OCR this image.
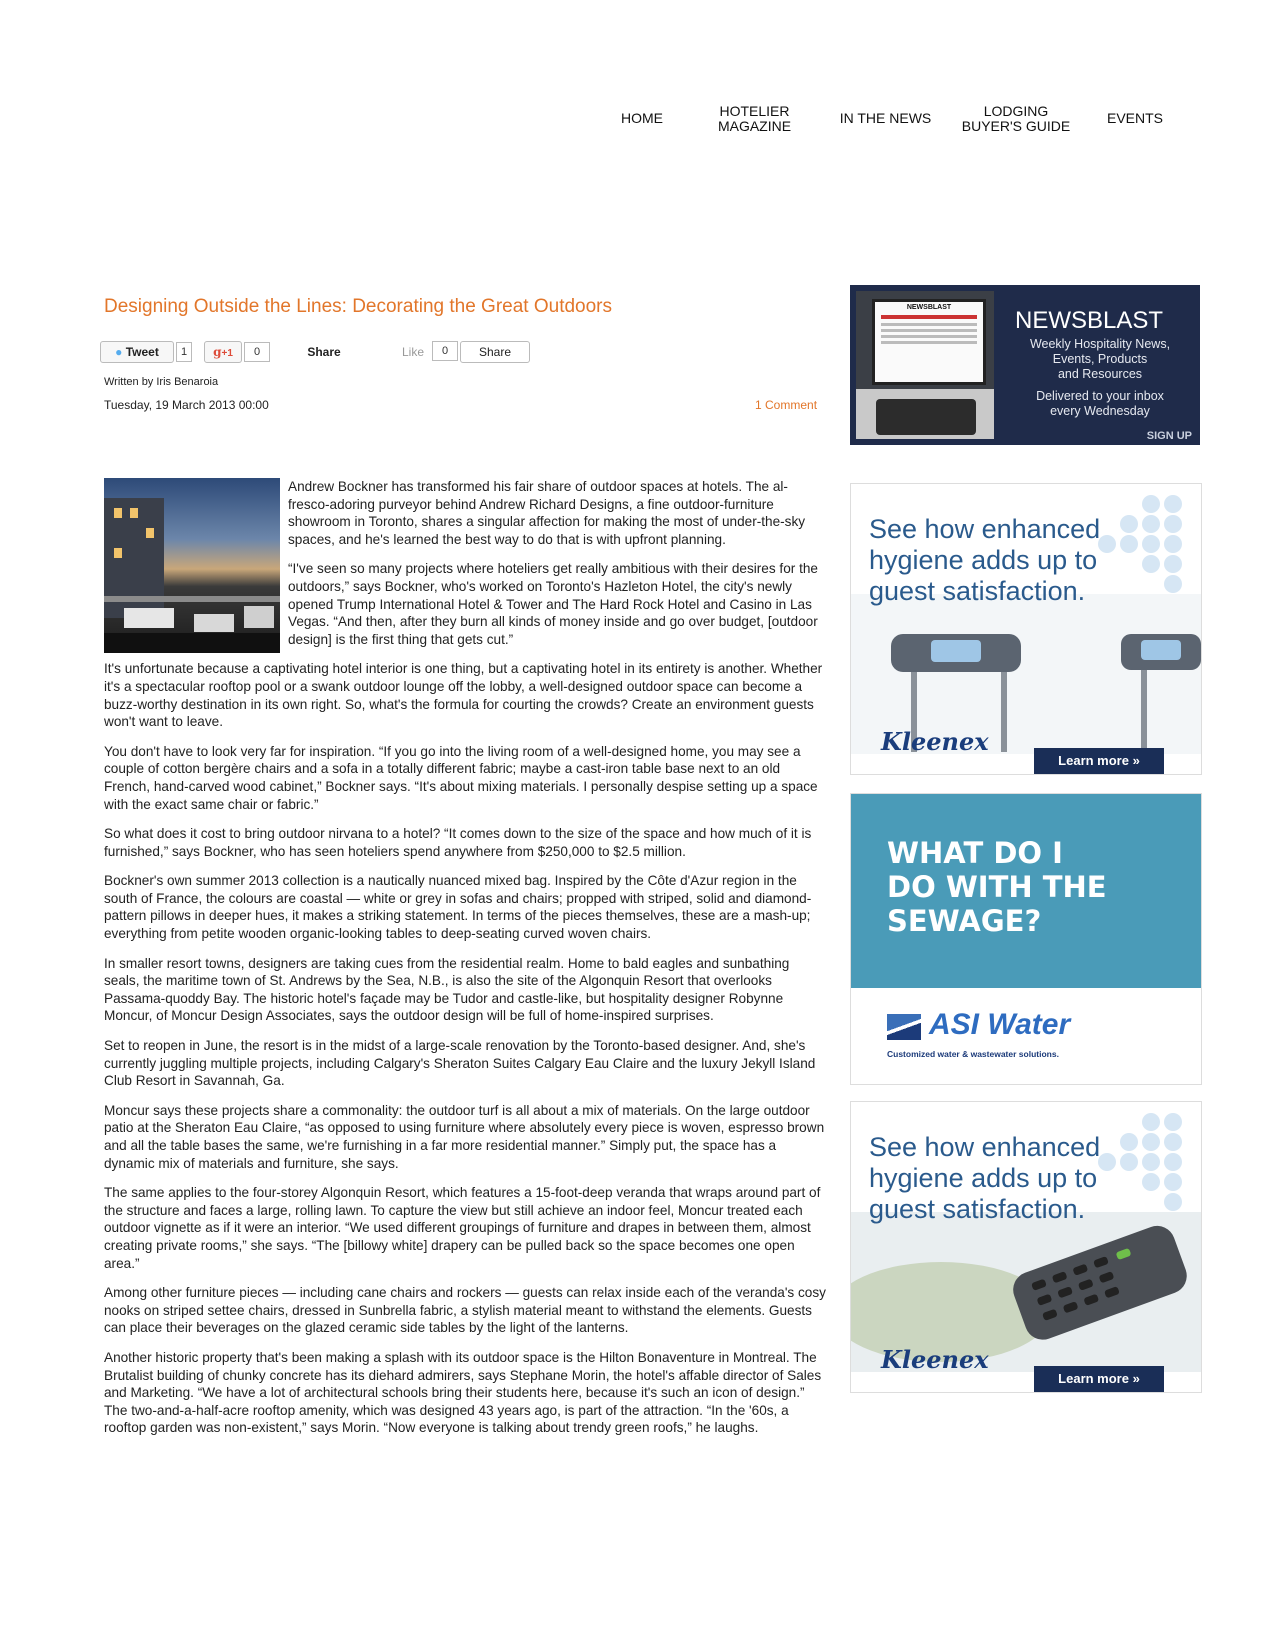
HOME	HOTELIER MAGAZINE	IN THE NEWS	LODGING BUYER'S GUIDE	EVENTS
Designing Outside the Lines: Decorating the Great Outdoors
● Tweet	1	g+1	0	Share	Like	0	Share
Written by Iris Benaroia
Tuesday, 19 March 2013 00:00	1 Comment

Andrew Bockner has transformed his fair share of outdoor spaces at hotels. The al-fresco-adoring purveyor behind Andrew Richard Designs, a fine outdoor-furniture showroom in Toronto, shares a singular affection for making the most of under-the-sky spaces, and he's learned the best way to do that is with upfront planning.

“I've seen so many projects where hoteliers get really ambitious with their desires for the outdoors,” says Bockner, who's worked on Toronto's Hazleton Hotel, the city's newly opened Trump International Hotel & Tower and The Hard Rock Hotel and Casino in Las Vegas. “And then, after they burn all kinds of money inside and go over budget, [outdoor design] is the first thing that gets cut.”

It's unfortunate because a captivating hotel interior is one thing, but a captivating hotel in its entirety is another. Whether it's a spectacular rooftop pool or a swank outdoor lounge off the lobby, a well-designed outdoor space can become a buzz-worthy destination in its own right. So, what's the formula for courting the crowds? Create an environment guests won't want to leave.

You don't have to look very far for inspiration. “If you go into the living room of a well-designed home, you may see a couple of cotton bergère chairs and a sofa in a totally different fabric; maybe a cast-iron table base next to an old French, hand-carved wood cabinet,” Bockner says. “It's about mixing materials. I personally despise setting up a space with the exact same chair or fabric.”

So what does it cost to bring outdoor nirvana to a hotel? “It comes down to the size of the space and how much of it is furnished,” says Bockner, who has seen hoteliers spend anywhere from $250,000 to $2.5 million.

Bockner's own summer 2013 collection is a nautically nuanced mixed bag. Inspired by the Côte d'Azur region in the south of France, the colours are coastal — white or grey in sofas and chairs; propped with striped, solid and diamond-pattern pillows in deeper hues, it makes a striking statement. In terms of the pieces themselves, these are a mash-up; everything from petite wooden organic-looking tables to deep-seating curved woven chairs.

In smaller resort towns, designers are taking cues from the residential realm. Home to bald eagles and sunbathing seals, the maritime town of St. Andrews by the Sea, N.B., is also the site of the Algonquin Resort that overlooks Passama-quoddy Bay. The historic hotel's façade may be Tudor and castle-like, but hospitality designer Robynne Moncur, of Moncur Design Associates, says the outdoor design will be full of home-inspired surprises.

Set to reopen in June, the resort is in the midst of a large-scale renovation by the Toronto-based designer. And, she's currently juggling multiple projects, including Calgary's Sheraton Suites Calgary Eau Claire and the luxury Jekyll Island Club Resort in Savannah, Ga.

Moncur says these projects share a commonality: the outdoor turf is all about a mix of materials. On the large outdoor patio at the Sheraton Eau Claire, “as opposed to using furniture where absolutely every piece is woven, espresso brown and all the table bases the same, we're furnishing in a far more residential manner.” Simply put, the space has a dynamic mix of materials and furniture, she says.

The same applies to the four-storey Algonquin Resort, which features a 15-foot-deep veranda that wraps around part of the structure and faces a large, rolling lawn. To capture the view but still achieve an indoor feel, Moncur treated each outdoor vignette as if it were an interior. “We used different groupings of furniture and drapes in between them, almost creating private rooms,” she says. “The [billowy white] drapery can be pulled back so the space becomes one open area.”

Among other furniture pieces — including cane chairs and rockers — guests can relax inside each of the veranda's cosy nooks on striped settee chairs, dressed in Sunbrella fabric, a stylish material meant to withstand the elements. Guests can place their beverages on the glazed ceramic side tables by the light of the lanterns.

Another historic property that's been making a splash with its outdoor space is the Hilton Bonaventure in Montreal. The Brutalist building of chunky concrete has its diehard admirers, says Stephane Morin, the hotel's affable director of Sales and Marketing. “We have a lot of architectural schools bring their students here, because it's such an icon of design.” The two-and-a-half-acre rooftop amenity, which was designed 43 years ago, is part of the attraction. “In the '60s, a rooftop garden was non-existent,” says Morin. “Now everyone is talking about trendy green roofs,” he laughs.

NEWSBLAST	NEWSBLAST
Weekly Hospitality News,
Events, Products
and Resources
Delivered to your inbox
every Wednesday
SIGN UP
See how enhanced hygiene adds up to guest satisfaction.
Kleenex
Learn more »
WHAT DO I
DO WITH THE
SEWAGE?
ASI Water
Customized water & wastewater solutions.
See how enhanced hygiene adds up to guest satisfaction.
Kleenex
Learn more »
